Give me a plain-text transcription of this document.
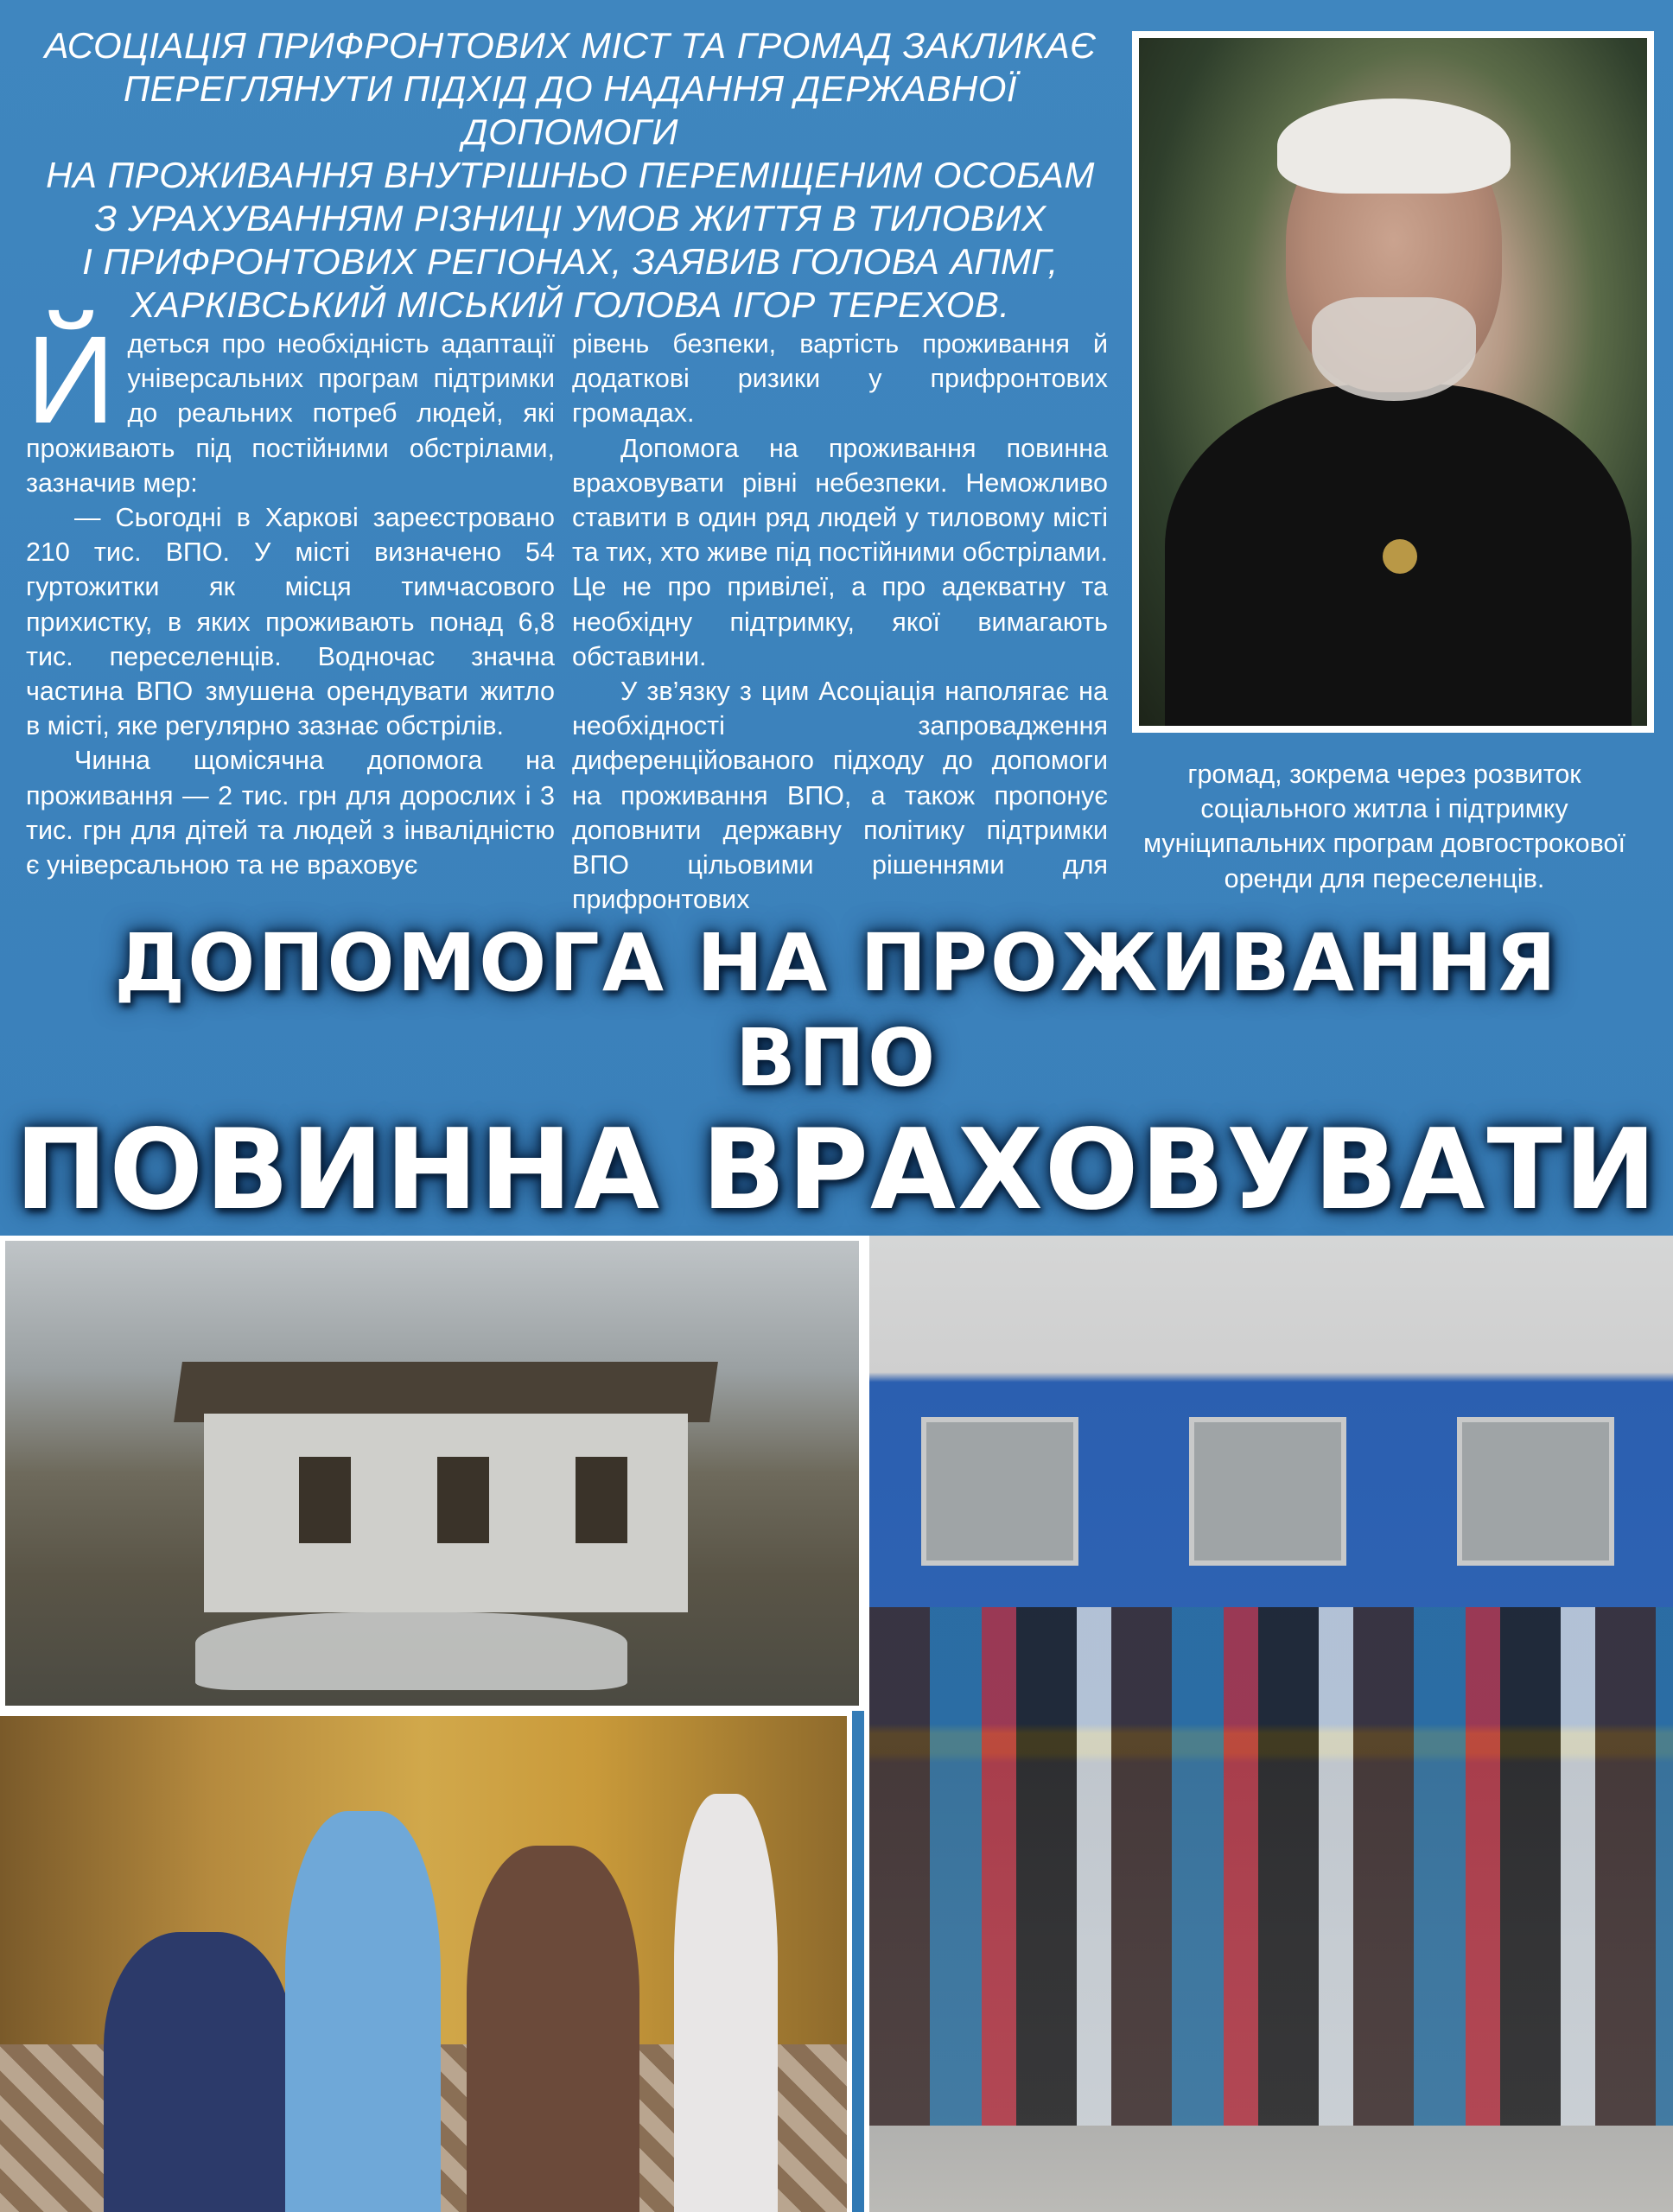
АСОЦІАЦІЯ ПРИФРОНТОВИХ МІСТ ТА ГРОМАД ЗАКЛИКАЄ

ПЕРЕГЛЯНУТИ ПІДХІД ДО НАДАННЯ ДЕРЖАВНОЇ ДОПОМОГИ

НА ПРОЖИВАННЯ ВНУТРІШНЬО ПЕРЕМІЩЕНИМ ОСОБАМ

З УРАХУВАННЯМ РІЗНИЦІ УМОВ ЖИТТЯ В ТИЛОВИХ

І ПРИФРОНТОВИХ РЕГІОНАХ, ЗАЯВИВ ГОЛОВА АПМГ,

ХАРКІВСЬКИЙ МІСЬКИЙ ГОЛОВА ІГОР ТЕРЕХОВ.

Йдеться про необхідність адаптації універсальних програм підтримки до реальних потреб людей, які проживають під постійними обстрілами, зазначив мер:

— Сьогодні в Харкові зареєстровано 210 тис. ВПО. У місті визначено 54 гуртожитки як місця тимчасового прихистку, в яких проживають понад 6,8 тис. переселенців. Водночас значна частина ВПО змушена орендувати житло в місті, яке регулярно зазнає обстрілів.

Чинна щомісячна допомога на проживання — 2 тис. грн для дорослих і 3 тис. грн для дітей та людей з інвалідністю є універсальною та не враховує

рівень безпеки, вартість проживання й додаткові ризики у прифронтових громадах.

Допомога на проживання повинна враховувати рівні небезпеки. Неможливо ставити в один ряд людей у тиловому місті та тих, хто живе під постійними обстрілами. Це не про привілеї, а про адекватну та необхідну підтримку, якої вимагають обставини.

У зв’язку з цим Асоціація наполягає на необхідності запровадження диференційованого підходу до допомоги на проживання ВПО, а також пропонує доповнити державну політику підтримки ВПО цільовими рішеннями для прифронтових

громад, зокрема через розвиток соціального житла і підтримку муніципальних програм довгострокової оренди для переселенців.

ДОПОМОГА НА ПРОЖИВАННЯ ВПО
ПОВИННА ВРАХОВУВАТИ
